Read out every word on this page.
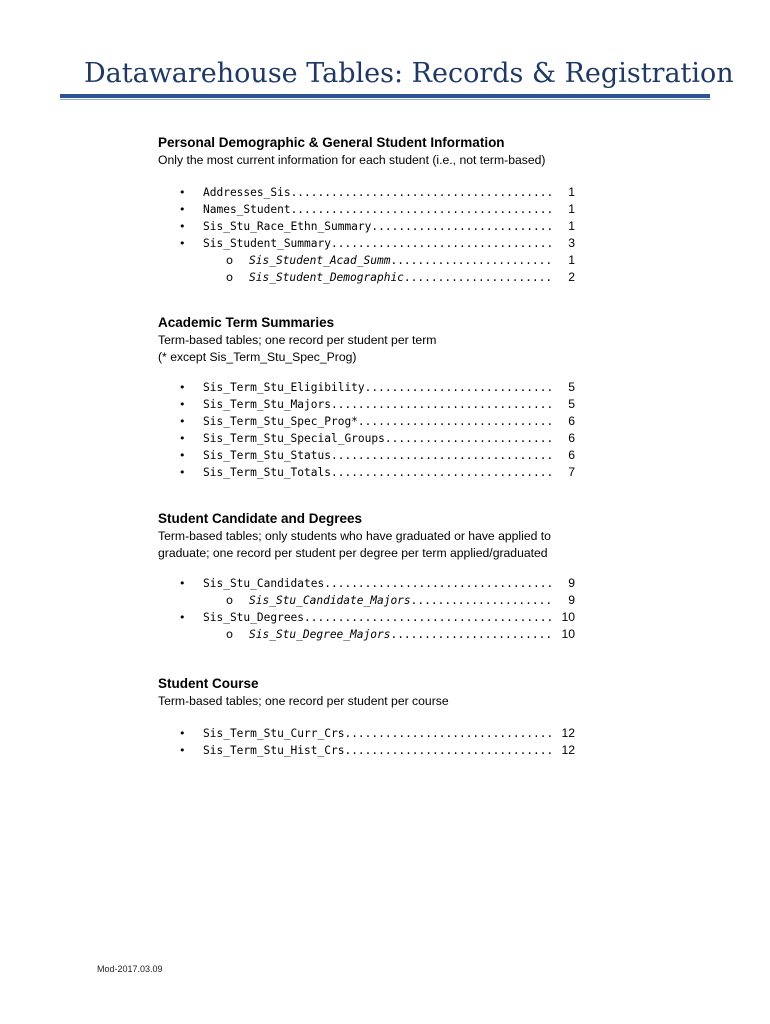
Datawarehouse Tables: Records & Registration

Personal Demographic & General Student Information

Only the most current information for each student (i.e., not term-based)

• Addresses_Sis .....	1
• Names_Student .....	1
• Sis_Stu_Race_Ethn_Summary .....	1
• Sis_Student_Summary .....	3
o Sis_Student_Acad_Summ .....	1
o Sis_Student_Demographic .....	2

Academic Term Summaries

Term-based tables; one record per student per term

(* except Sis_Term_Stu_Spec_Prog)

• Sis_Term_Stu_Eligibility .....	5
• Sis_Term_Stu_Majors .....	5
• Sis_Term_Stu_Spec_Prog* .....	6
• Sis_Term_Stu_Special_Groups .....	6
• Sis_Term_Stu_Status .....	6
• Sis_Term_Stu_Totals .....	7

Student Candidate and Degrees

Term-based tables; only students who have graduated or have applied to

graduate; one record per student per degree per term applied/graduated

• Sis_Stu_Candidates .....	9
o Sis_Stu_Candidate_Majors .....	9
• Sis_Stu_Degrees .....	10
o Sis_Stu_Degree_Majors .....	10

Student Course

Term-based tables; one record per student per course

• Sis_Term_Stu_Curr_Crs .....	12
• Sis_Term_Stu_Hist_Crs .....	12
Mod-2017.03.09
